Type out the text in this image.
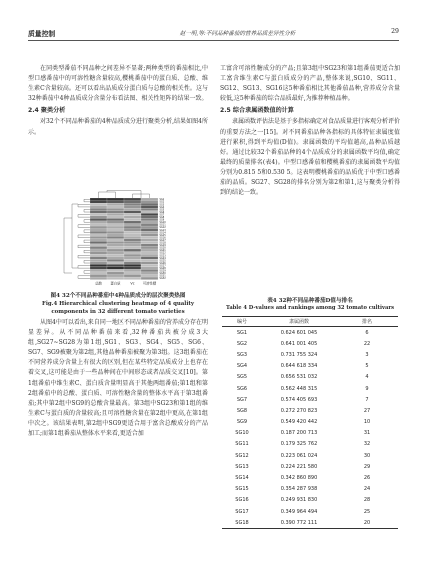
质量控制	赵一明,等:不同品种番茄的营养品质差异性分析	29

在同类型番茄不同品种之间差异不显著;两种类型的番茄相比,中型口感番茄中的可溶性糖含量较高,樱桃番茄中的蛋白质、总酸、维生素C含量较高。还可以看出品质成分蛋白质与总酸的相关性。这与32种番茄中4种品质成分含量分布看法图、相关性矩阵的结果一致。

2.4 聚类分析

对32个不同品种番茄的4种品质成分进行聚类分析,结果如图4所示。

SG1
SG2
SG3
SG4
SG5
SG6
SG7
SG8
SG9
SG10
SG11
SG12
SG13
SG14
SG15
SG16
SG17
SG18
SG19
SG20
SG21
SG22
SG23
SG24
SG25
SG26
SG27
SG28
SG29
SG30
SG31
SG32
总酸	蛋白质	Vc 可溶性糖
图4 32个不同品种番茄中4种品质成分的层次聚类热图
Fig.4 Hierarchical clustering heatmap of 4 quality
components in 32 different tomato varieties

从图4中可以看出,来自同一地区不同品种番茄的营养成分存在明显差异。从不同品种番茄来看,32种番茄共被分成3大组,SG27~SG28为第1组,SG1、SG3、SG4、SG5、SG6、SG7、SG9被聚为第2组,其他品种番茄被聚为第3组。这3组番茄在不同营养成分含量上有很大的区别,但在某些特定品质成分上也存在着交叉,这可能是由于一些品种间在中间形态或者品质交叉[10]。第1组番茄中维生素C、蛋白质含量明显高于其他两组番茄;第1组和第2组番茄中的总酸、蛋白质、可溶性糖含量的整体水平高于第3组番茄;其中第2组中SG9的总酸含量最高。第3组中SG23和第1组的维生素C与蛋白质的含量较高;且可溶性糖含量在第2组中更高,在第1组中次之。该结果表明,第2组中SG9更适合用于富含总酸成分的产品加工;而第1组番茄从整体水平来看,更适合加

工富含可溶性糖成分的产品;且第3组中SG23和第1组番茄更适合加工富含维生素C与蛋白质成分的产品,整体来说,SG10、SG11、SG12、SG13、SG16这5种番茄相比其他番茄品种,营养成分含量较低,这5种番茄的综合品质最好,为推荐种植品种。

2.5 综合隶属函数值的计算

隶属函数评估法是基于多指标确定对食品质量进行客观分析评价的重要方法之一[15]。对不同番茄品种各指标的具体特征隶属度值进行累积,得到平均值(D值)。隶属函数的平均值越高,品种品质越好。通过比较32个番茄品种的4个品质成分的隶属函数平均值,确定最终的质量排名(表4)。中型口感番茄和樱桃番茄的隶属函数平均值分别为0.815 5和0.530 5。这表明樱桃番茄的品质优于中型口感番茄的品质。SG27、SG28的排名分别为第2和第1,这与聚类分析得到的结论一致。

表4 32种不同品种番茄D值与排名
Table 4 D-values and rankings among 32 tomato cultivars
编号	隶属函数	排名
SG1	0.624 601 045	6
SG2	0.641 001 405	22
SG3	0.731 755 324	3
SG4	0.644 618 334	5
SG5	0.656 531 032	4
SG6	0.562 448 315	9
SG7	0.574 405 693	7
SG8	0.272 270 823	27
SG9	0.549 420 442	10
SG10	0.187 200 713	31
SG11	0.179 325 762	32
SG12	0.223 061 024	30
SG13	0.224 221 580	29
SG14	0.342 860 890	26
SG15	0.354 287 938	24
SG16	0.249 931 830	28
SG17	0.349 964 494	25
SG18	0.390 772 111	20
